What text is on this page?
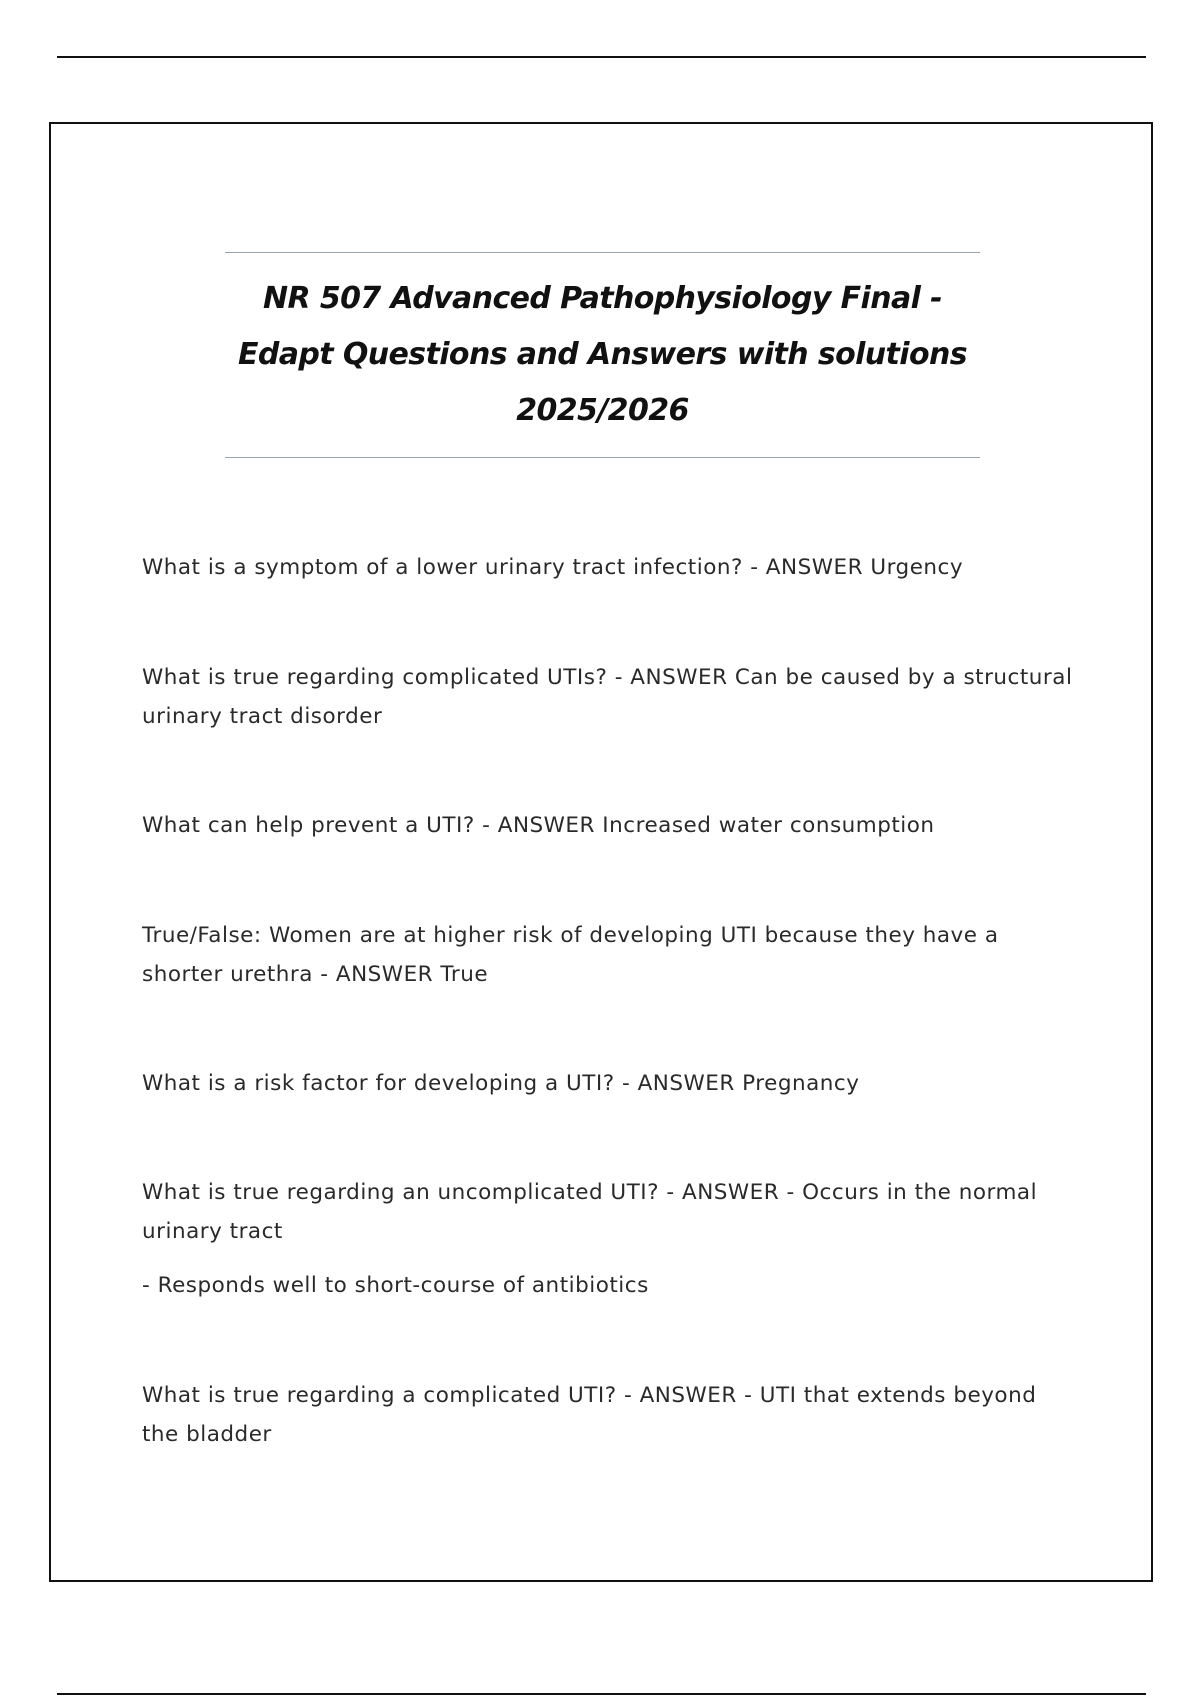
NR 507 Advanced Pathophysiology Final -
Edapt Questions and Answers with solutions
2025/2026

What is a symptom of a lower urinary tract infection? - ANSWER Urgency

What is true regarding complicated UTIs? - ANSWER Can be caused by a structural urinary tract disorder

What can help prevent a UTI? - ANSWER Increased water consumption

True/False: Women are at higher risk of developing UTI because they have a shorter urethra - ANSWER True

What is a risk factor for developing a UTI? - ANSWER Pregnancy

What is true regarding an uncomplicated UTI? - ANSWER - Occurs in the normal urinary tract

- Responds well to short-course of antibiotics

What is true regarding a complicated UTI? - ANSWER - UTI that extends beyond the bladder
